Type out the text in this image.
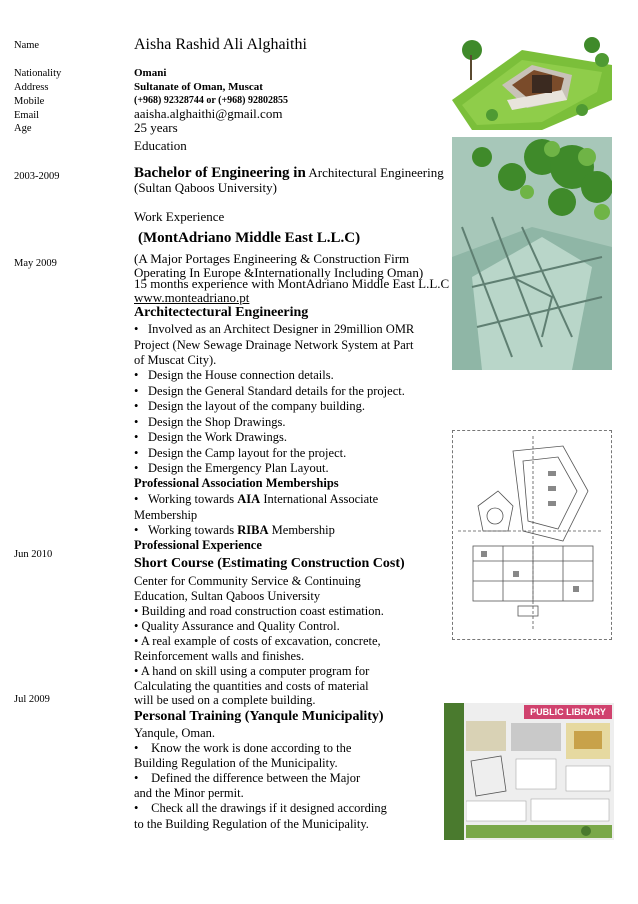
Name
Nationality
Address
Mobile
Email
Age
2003-2009
May 2009
Jun 2010
Jul 2009
Aisha Rashid Ali Alghaithi
Omani
Sultanate of Oman, Muscat
(+968) 92328744 or (+968) 92802855
aaisha.alghaithi@gmail.com
25 years
Education
Bachelor of Engineering in Architectural Engineering
(Sultan Qaboos University)
Work Experience
(MontAdriano Middle East L.L.C)
(A Major Portages Engineering & Construction Firm
Operating In Europe &Internationally Including Oman)
15 months experience with MontAdriano Middle East L.L.C
www.monteadriano.pt
Architectectural Engineering
• Involved as an Architect Designer in 29million OMR
Project (New Sewage Drainage Network System at Part
of Muscat City).
• Design the House connection details.
• Design the General Standard details for the project.
• Design the layout of the company building.
• Design the Shop Drawings.
• Design the Work Drawings.
• Design the Camp layout for the project.
• Design the Emergency Plan Layout.
Professional Association Memberships
• Working towards AIA International Associate
Membership
• Working towards RIBA Membership
Professional Experience
Short Course (Estimating Construction Cost)
Center for Community Service & Continuing
Education, Sultan Qaboos University
• Building and road construction coast estimation.
• Quality Assurance and Quality Control.
• A real example of costs of excavation, concrete,
Reinforcement walls and finishes.
• A hand on skill using a computer program for
Calculating the quantities and costs of material
will be used on a complete building.
Personal Training (Yanqule Municipality)
Yanqule, Oman.
• Know the work is done according to the
Building Regulation of the Municipality.
• Defined the difference between the Major
and the Minor permit.
• Check all the drawings if it designed according
to the Building Regulation of the Municipality.
PUBLIC LIBRARY
